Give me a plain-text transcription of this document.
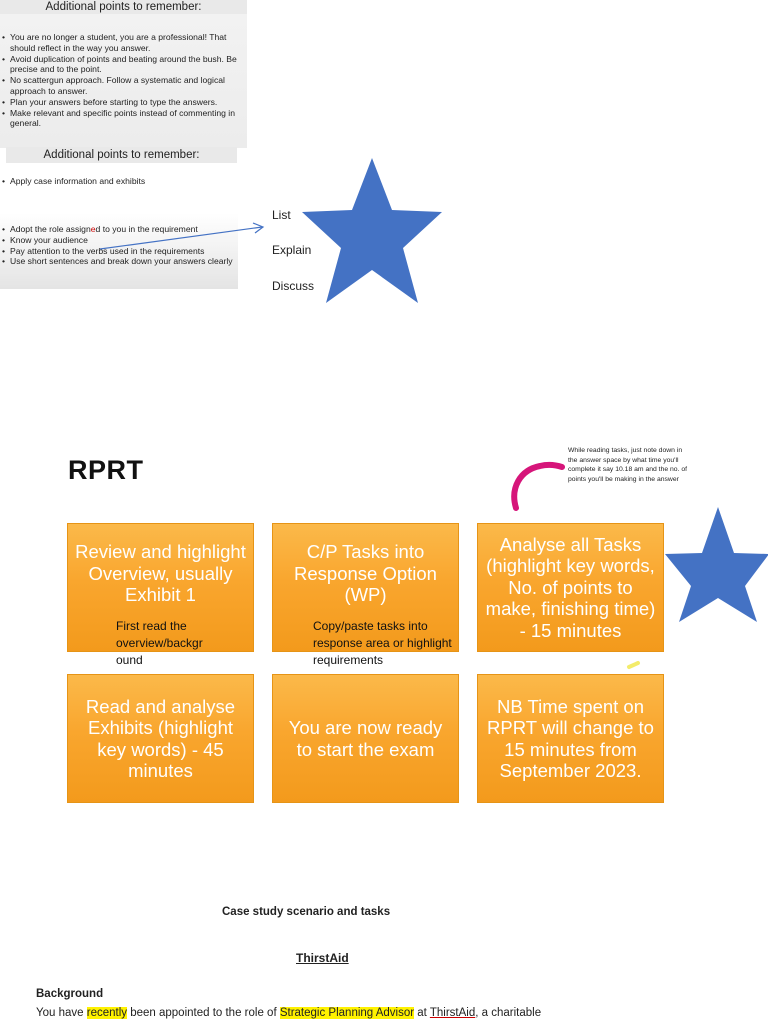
Additional points to remember:
• You are no longer a student, you are a professional! That should reflect in the way you answer.
• Avoid duplication of points and beating around the bush. Be precise and to the point.
• No scattergun approach. Follow a systematic and logical approach to answer.
• Plan your answers before starting to type the answers.
• Make relevant and specific points instead of commenting in general.
Additional points to remember:
• Apply case information and exhibits
• Adopt the role assigned to you in the requirement
• Know your audience
• Pay attention to the verbs used in the requirements
• Use short sentences and break down your answers clearly
List
Explain
Discuss
RPRT
While reading tasks, just note down in the answer space by what time you'll complete it say 10.18 am and the no. of points you'll be making in the answer
Review and highlight Overview, usually Exhibit 1
First read the overview/backgr ound
C/P Tasks into Response Option (WP)
Copy/paste tasks into response area or highlight requirements
Analyse all Tasks (highlight key words, No. of points to make, finishing time) - 15 minutes
Read and analyse Exhibits (highlight key words) - 45 minutes
You are now ready to start the exam
NB Time spent on RPRT will change to 15 minutes from September 2023.
Case study scenario and tasks
ThirstAid
Background
You have recently been appointed to the role of Strategic Planning Advisor at ThirstAid, a charitable
